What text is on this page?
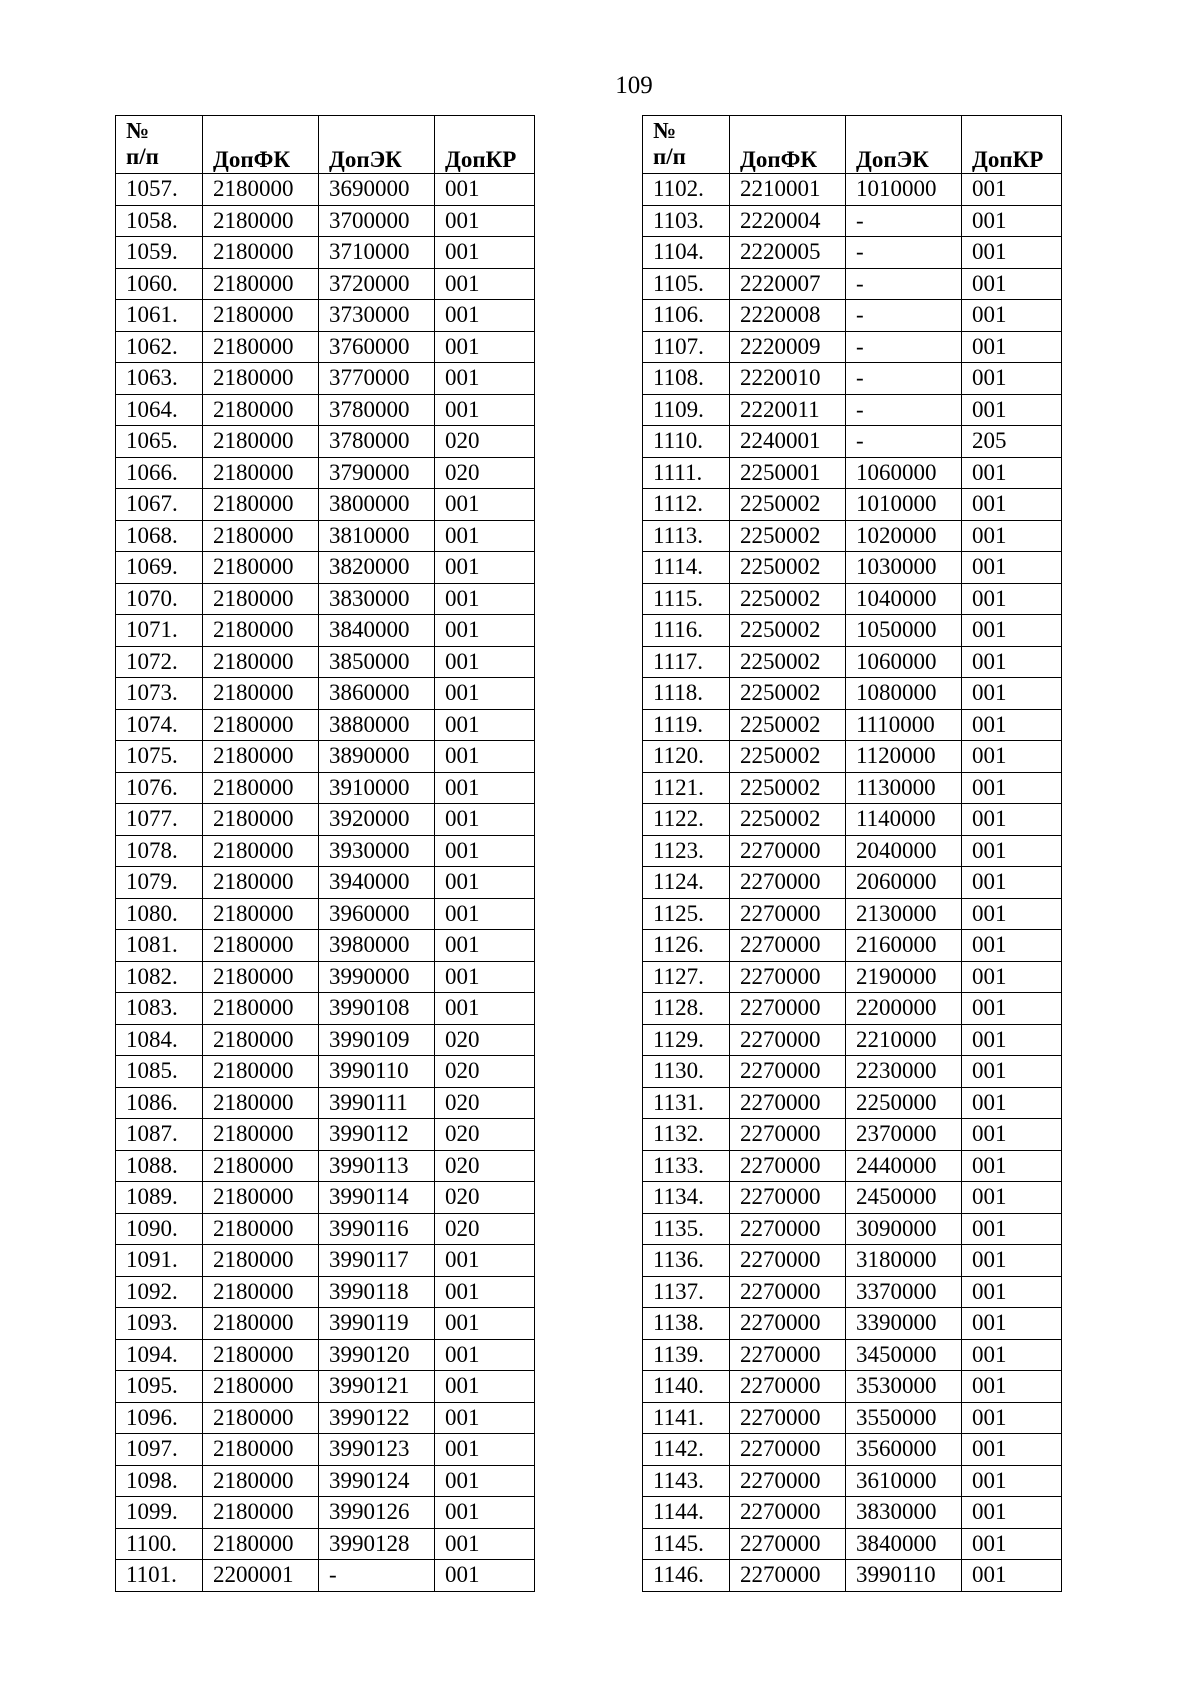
109
№
п/п	ДопФК	ДопЭК	ДопКР
1057.	2180000	3690000	001
1058.	2180000	3700000	001
1059.	2180000	3710000	001
1060.	2180000	3720000	001
1061.	2180000	3730000	001
1062.	2180000	3760000	001
1063.	2180000	3770000	001
1064.	2180000	3780000	001
1065.	2180000	3780000	020
1066.	2180000	3790000	020
1067.	2180000	3800000	001
1068.	2180000	3810000	001
1069.	2180000	3820000	001
1070.	2180000	3830000	001
1071.	2180000	3840000	001
1072.	2180000	3850000	001
1073.	2180000	3860000	001
1074.	2180000	3880000	001
1075.	2180000	3890000	001
1076.	2180000	3910000	001
1077.	2180000	3920000	001
1078.	2180000	3930000	001
1079.	2180000	3940000	001
1080.	2180000	3960000	001
1081.	2180000	3980000	001
1082.	2180000	3990000	001
1083.	2180000	3990108	001
1084.	2180000	3990109	020
1085.	2180000	3990110	020
1086.	2180000	3990111	020
1087.	2180000	3990112	020
1088.	2180000	3990113	020
1089.	2180000	3990114	020
1090.	2180000	3990116	020
1091.	2180000	3990117	001
1092.	2180000	3990118	001
1093.	2180000	3990119	001
1094.	2180000	3990120	001
1095.	2180000	3990121	001
1096.	2180000	3990122	001
1097.	2180000	3990123	001
1098.	2180000	3990124	001
1099.	2180000	3990126	001
1100.	2180000	3990128	001
1101.	2200001	-	001
№
п/п	ДопФК	ДопЭК	ДопКР
1102.	2210001	1010000	001
1103.	2220004	-	001
1104.	2220005	-	001
1105.	2220007	-	001
1106.	2220008	-	001
1107.	2220009	-	001
1108.	2220010	-	001
1109.	2220011	-	001
1110.	2240001	-	205
1111.	2250001	1060000	001
1112.	2250002	1010000	001
1113.	2250002	1020000	001
1114.	2250002	1030000	001
1115.	2250002	1040000	001
1116.	2250002	1050000	001
1117.	2250002	1060000	001
1118.	2250002	1080000	001
1119.	2250002	1110000	001
1120.	2250002	1120000	001
1121.	2250002	1130000	001
1122.	2250002	1140000	001
1123.	2270000	2040000	001
1124.	2270000	2060000	001
1125.	2270000	2130000	001
1126.	2270000	2160000	001
1127.	2270000	2190000	001
1128.	2270000	2200000	001
1129.	2270000	2210000	001
1130.	2270000	2230000	001
1131.	2270000	2250000	001
1132.	2270000	2370000	001
1133.	2270000	2440000	001
1134.	2270000	2450000	001
1135.	2270000	3090000	001
1136.	2270000	3180000	001
1137.	2270000	3370000	001
1138.	2270000	3390000	001
1139.	2270000	3450000	001
1140.	2270000	3530000	001
1141.	2270000	3550000	001
1142.	2270000	3560000	001
1143.	2270000	3610000	001
1144.	2270000	3830000	001
1145.	2270000	3840000	001
1146.	2270000	3990110	001
